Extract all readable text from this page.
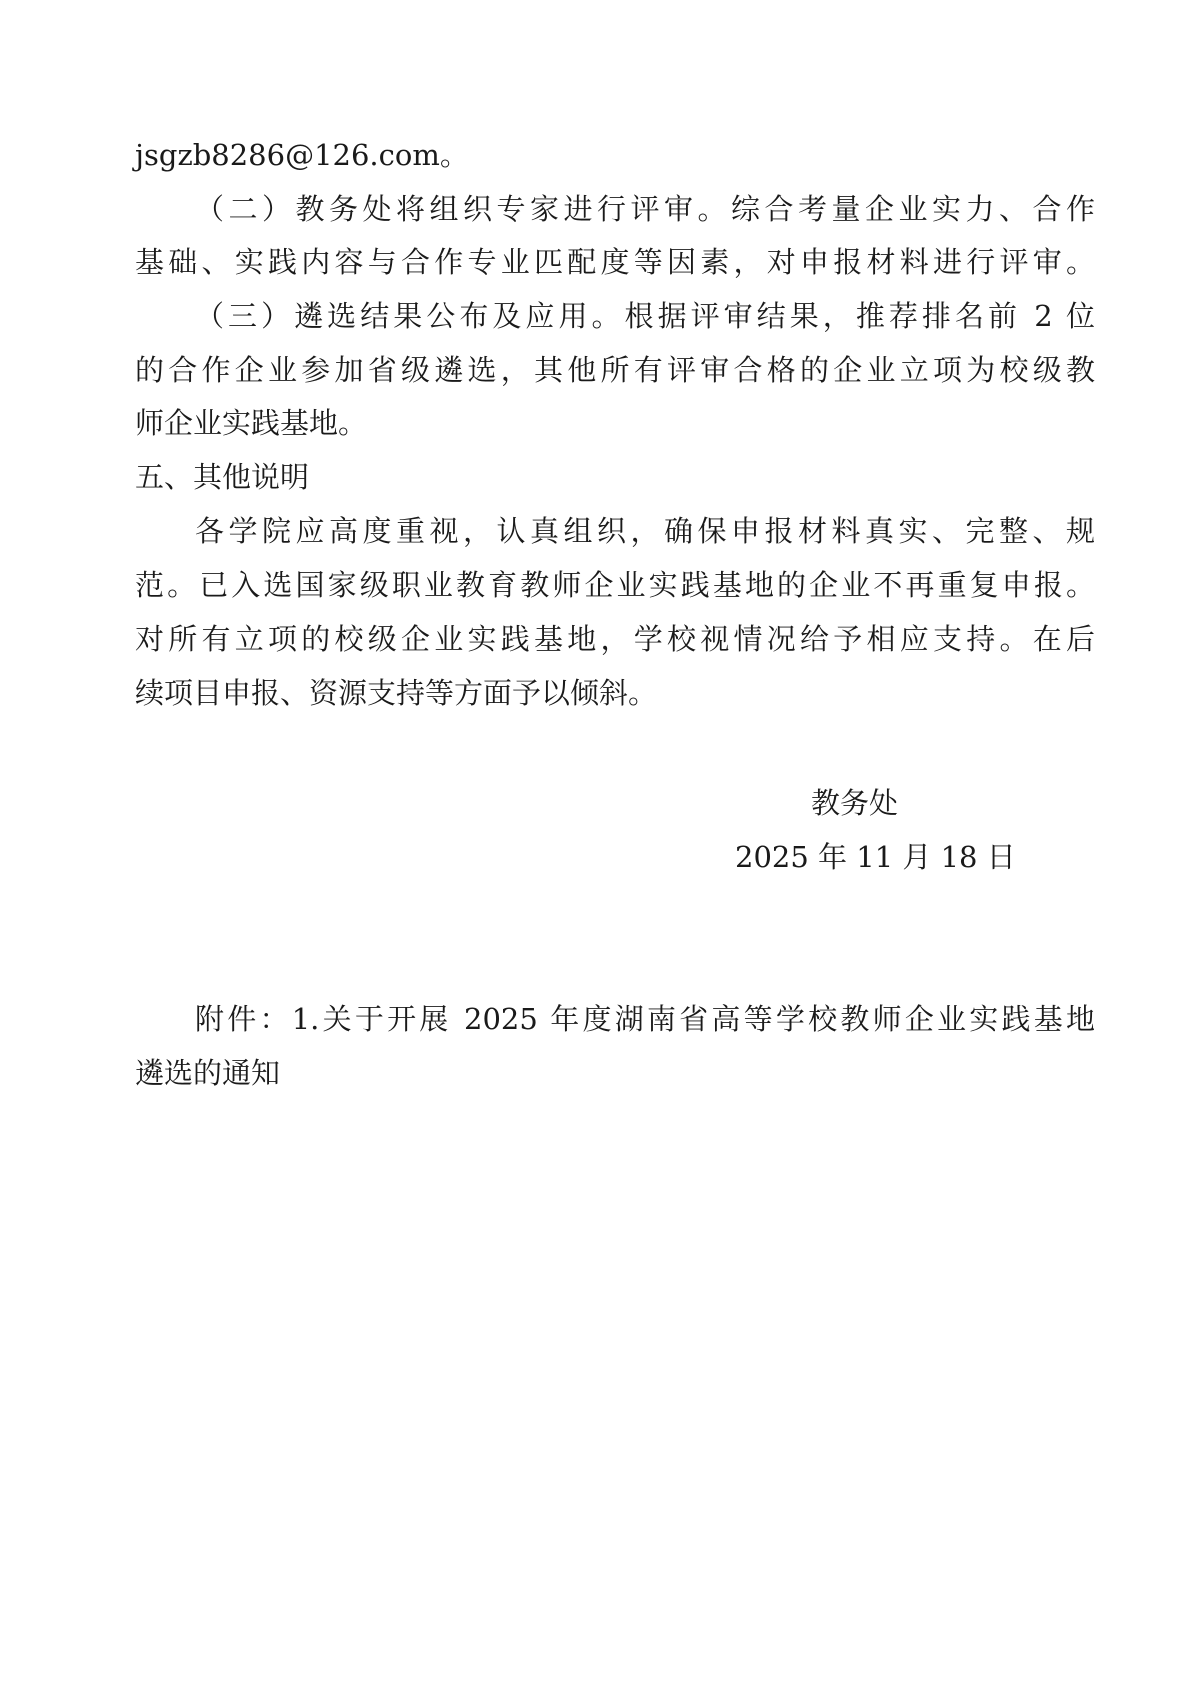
jsgzb8286@126.com。
（二）教务处将组织专家进行评审。综合考量企业实力、合作
基础、实践内容与合作专业匹配度等因素，对申报材料进行评审。
（三）遴选结果公布及应用。根据评审结果，推荐排名前 2 位
的合作企业参加省级遴选，其他所有评审合格的企业立项为校级教
师企业实践基地。
五、其他说明
各学院应高度重视，认真组织，确保申报材料真实、完整、规
范。已入选国家级职业教育教师企业实践基地的企业不再重复申报。
对所有立项的校级企业实践基地，学校视情况给予相应支持。在后
续项目申报、资源支持等方面予以倾斜。
教务处
2025 年 11 月 18 日
附件：1.关于开展 2025 年度湖南省高等学校教师企业实践基地
遴选的通知
